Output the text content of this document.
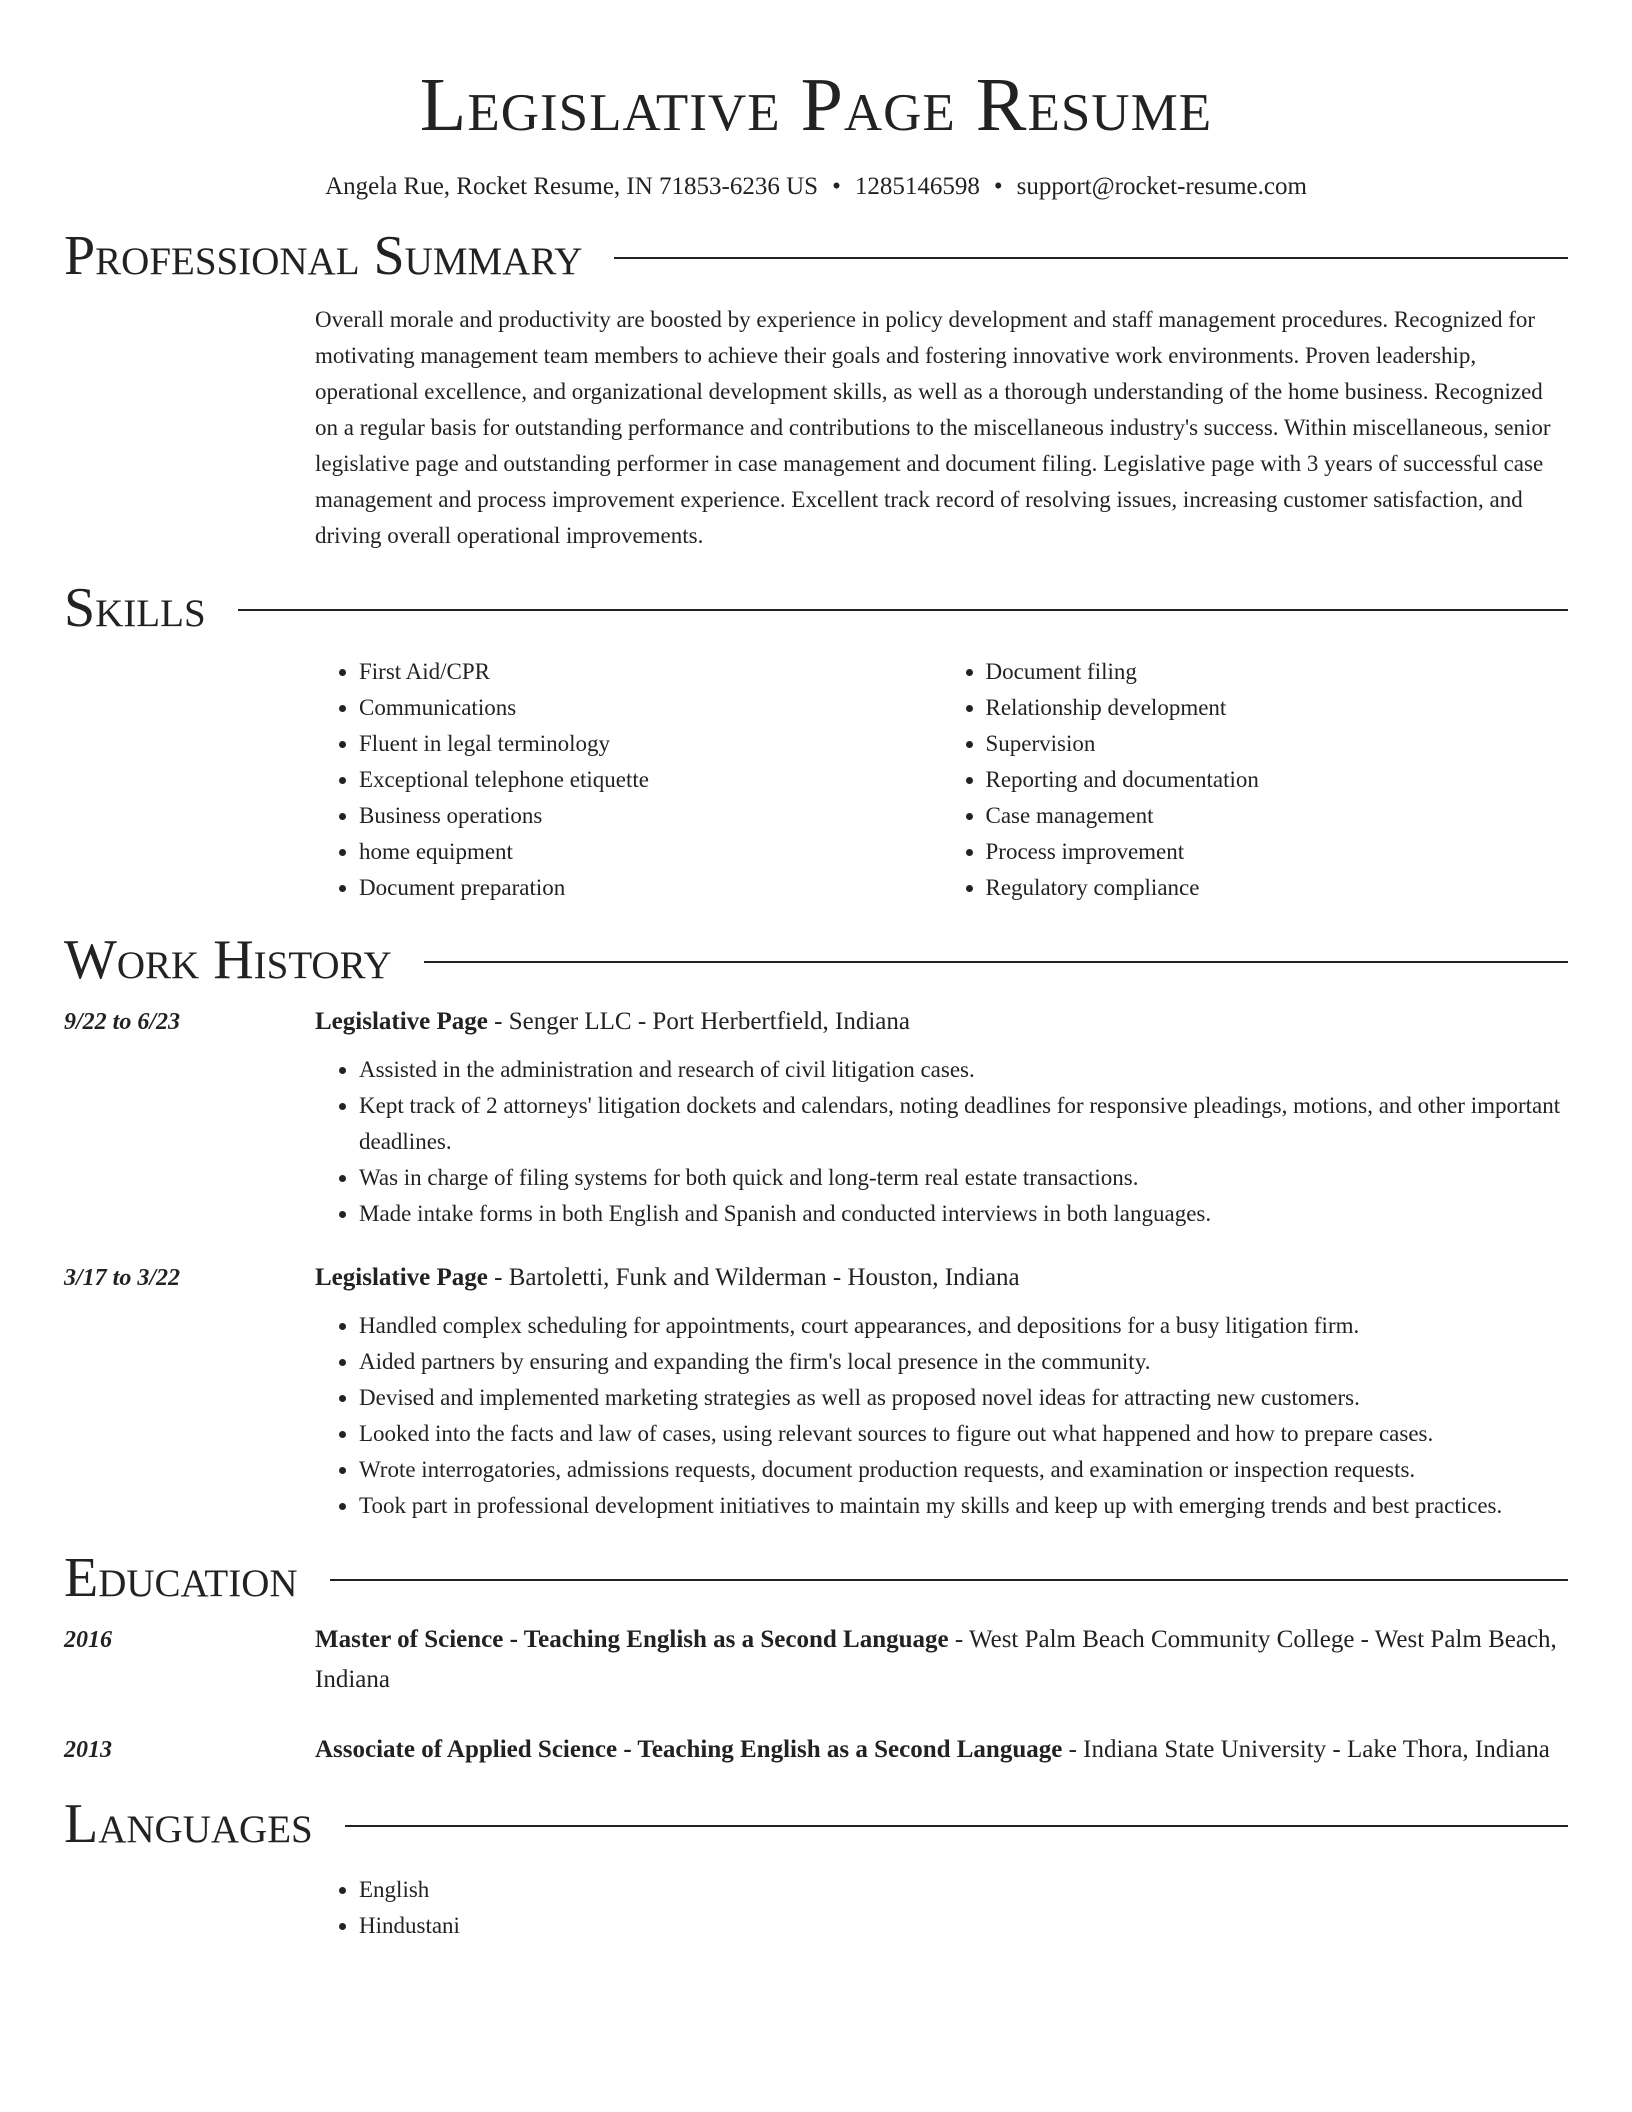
Legislative Page Resume
Angela Rue, Rocket Resume, IN 71853-6236 US • 1285146598 • support@rocket-resume.com
Professional Summary

Overall morale and productivity are boosted by experience in policy development and staff management procedures. Recognized for motivating management team members to achieve their goals and fostering innovative work environments. Proven leadership, operational excellence, and organizational development skills, as well as a thorough understanding of the home business. Recognized on a regular basis for outstanding performance and contributions to the miscellaneous industry's success. Within miscellaneous, senior legislative page and outstanding performer in case management and document filing. Legislative page with 3 years of successful case management and process improvement experience. Excellent track record of resolving issues, increasing customer satisfaction, and driving overall operational improvements.

Skills
• First Aid/CPR
• Communications
• Fluent in legal terminology
• Exceptional telephone etiquette
• Business operations
• home equipment
• Document preparation
• Document filing
• Relationship development
• Supervision
• Reporting and documentation
• Case management
• Process improvement
• Regulatory compliance
Work History
9/22 to 6/23	Legislative Page - Senger LLC - Port Herbertfield, Indiana
• Assisted in the administration and research of civil litigation cases.
• Kept track of 2 attorneys' litigation dockets and calendars, noting deadlines for responsive pleadings, motions, and other important deadlines.
• Was in charge of filing systems for both quick and long-term real estate transactions.
• Made intake forms in both English and Spanish and conducted interviews in both languages.
3/17 to 3/22	Legislative Page - Bartoletti, Funk and Wilderman - Houston, Indiana
• Handled complex scheduling for appointments, court appearances, and depositions for a busy litigation firm.
• Aided partners by ensuring and expanding the firm's local presence in the community.
• Devised and implemented marketing strategies as well as proposed novel ideas for attracting new customers.
• Looked into the facts and law of cases, using relevant sources to figure out what happened and how to prepare cases.
• Wrote interrogatories, admissions requests, document production requests, and examination or inspection requests.
• Took part in professional development initiatives to maintain my skills and keep up with emerging trends and best practices.
Education
2016	Master of Science - Teaching English as a Second Language - West Palm Beach Community College - West Palm Beach, Indiana
2013	Associate of Applied Science - Teaching English as a Second Language - Indiana State University - Lake Thora, Indiana
Languages
• English
• Hindustani
